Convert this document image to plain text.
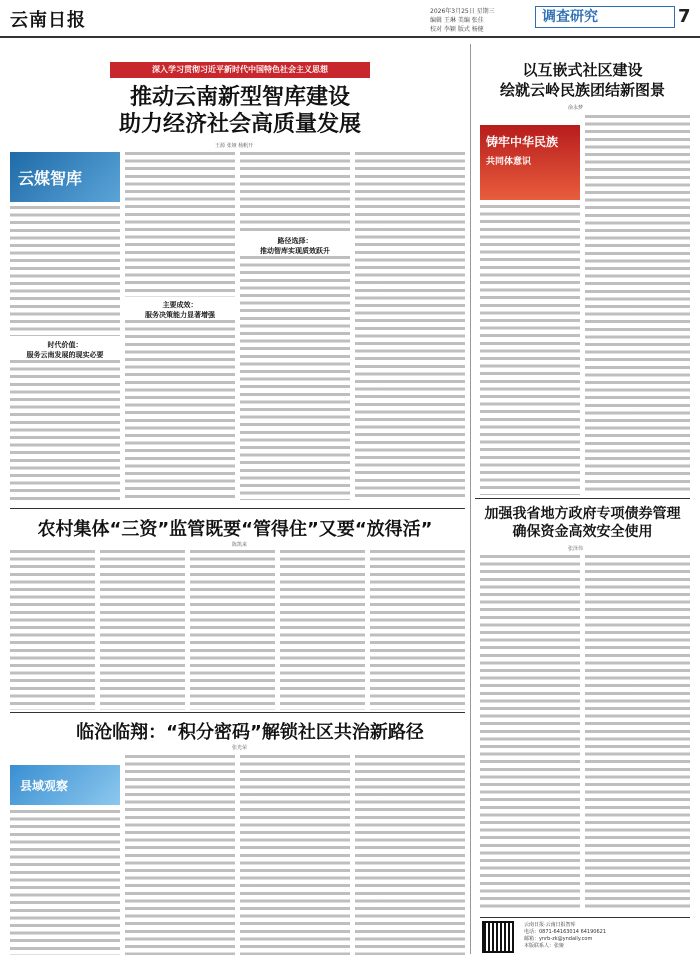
云南日报	2026年3月25日 星期三
编辑 王琳 美编 张佳
校对 李颖 版式 杨健
调查研究	7
深入学习贯彻习近平新时代中国特色社会主义思想
推动云南新型智库建设
助力经济社会高质量发展
王源 张娅 杨帆开
云媒智库
时代价值：
服务云南发展的现实必要
主要成效：
服务决策能力显著增强
路径选择：
推动智库实现质效跃升
农村集体“三资”监管既要“管得住”又要“放得活”
陈凯来
临沧临翔：“积分密码”解锁社区共治新路径
张光荣
县域观察
以互嵌式社区建设
绘就云岭民族团结新图景
俞永梦
铸牢中华民族
共同体意识
加强我省地方政府专项债券管理
确保资金高效安全使用
张泽伟
云南日报·云南日报智库
电话：0871-64163014 64190621
邮箱：ynrb-zk@yndaily.com
本版联系人：张娅
